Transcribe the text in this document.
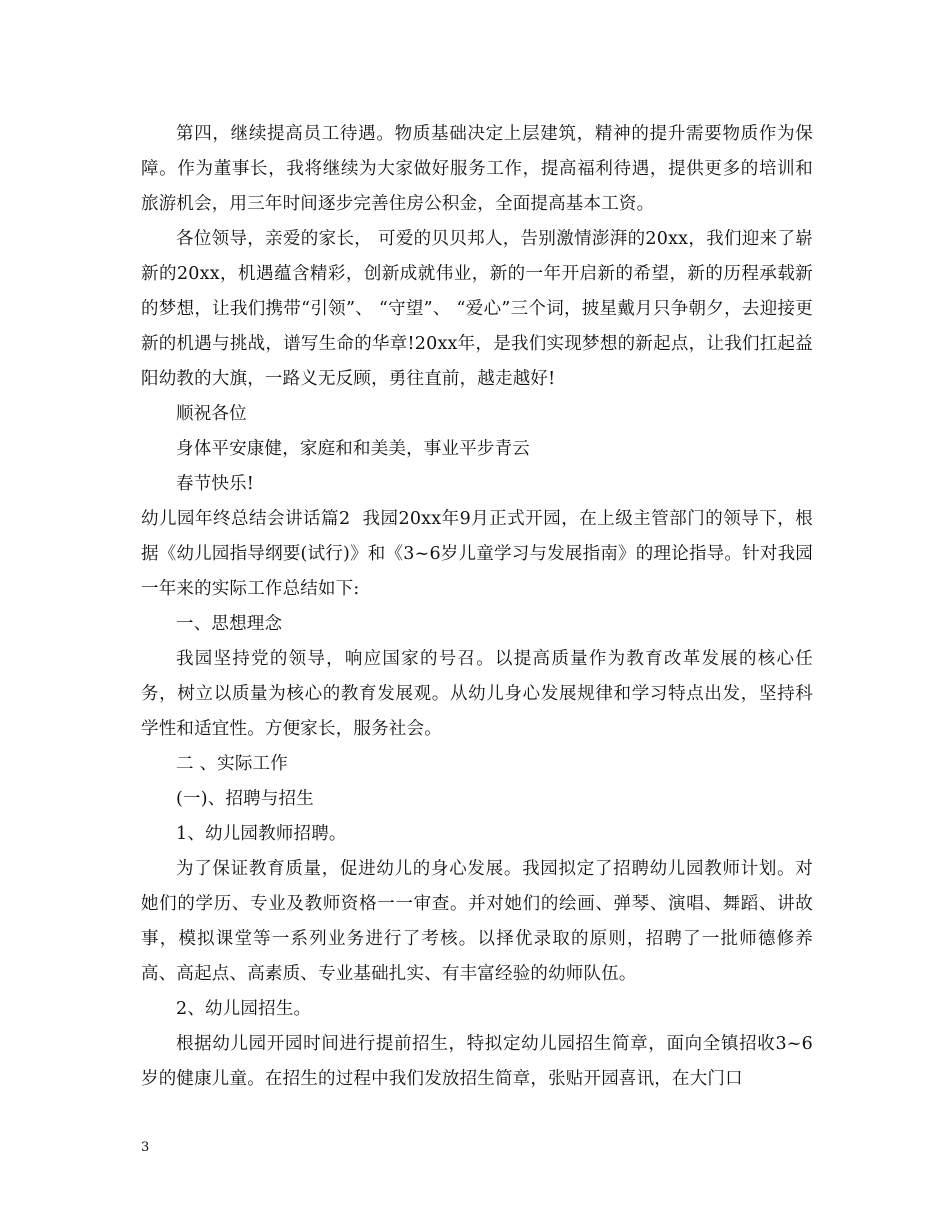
第四，继续提高员工待遇。物质基础决定上层建筑，精神的提升需要物质作为保障。作为董事长，我将继续为大家做好服务工作，提高福利待遇，提供更多的培训和旅游机会，用三年时间逐步完善住房公积金，全面提高基本工资。

各位领导，亲爱的家长， 可爱的贝贝邦人，告别激情澎湃的20xx，我们迎来了崭新的20xx，机遇蕴含精彩，创新成就伟业，新的一年开启新的希望，新的历程承载新的梦想，让我们携带“引领”、 “守望”、 “爱心”三个词，披星戴月只争朝夕，去迎接更新的机遇与挑战，谱写生命的华章!20xx年，是我们实现梦想的新起点，让我们扛起益阳幼教的大旗，一路义无反顾，勇往直前，越走越好!

顺祝各位

身体平安康健，家庭和和美美，事业平步青云

春节快乐!

幼儿园年终总结会讲话篇2  我园20xx年9月正式开园，在上级主管部门的领导下，根据《幼儿园指导纲要(试行)》和《3~6岁儿童学习与发展指南》的理论指导。针对我园一年来的实际工作总结如下:

一、思想理念

我园坚持党的领导，响应国家的号召。以提高质量作为教育改革发展的核心任务，树立以质量为核心的教育发展观。从幼儿身心发展规律和学习特点出发，坚持科学性和适宜性。方便家长，服务社会。

二 、实际工作

(一)、招聘与招生

1、幼儿园教师招聘。

为了保证教育质量，促进幼儿的身心发展。我园拟定了招聘幼儿园教师计划。对她们的学历、专业及教师资格一一审查。并对她们的绘画、弹琴、演唱、舞蹈、讲故事，模拟课堂等一系列业务进行了考核。以择优录取的原则，招聘了一批师德修养高、高起点、高素质、专业基础扎实、有丰富经验的幼师队伍。

2、幼儿园招生。

根据幼儿园开园时间进行提前招生，特拟定幼儿园招生简章，面向全镇招收3~6岁的健康儿童。在招生的过程中我们发放招生简章，张贴开园喜讯，在大门口

3
